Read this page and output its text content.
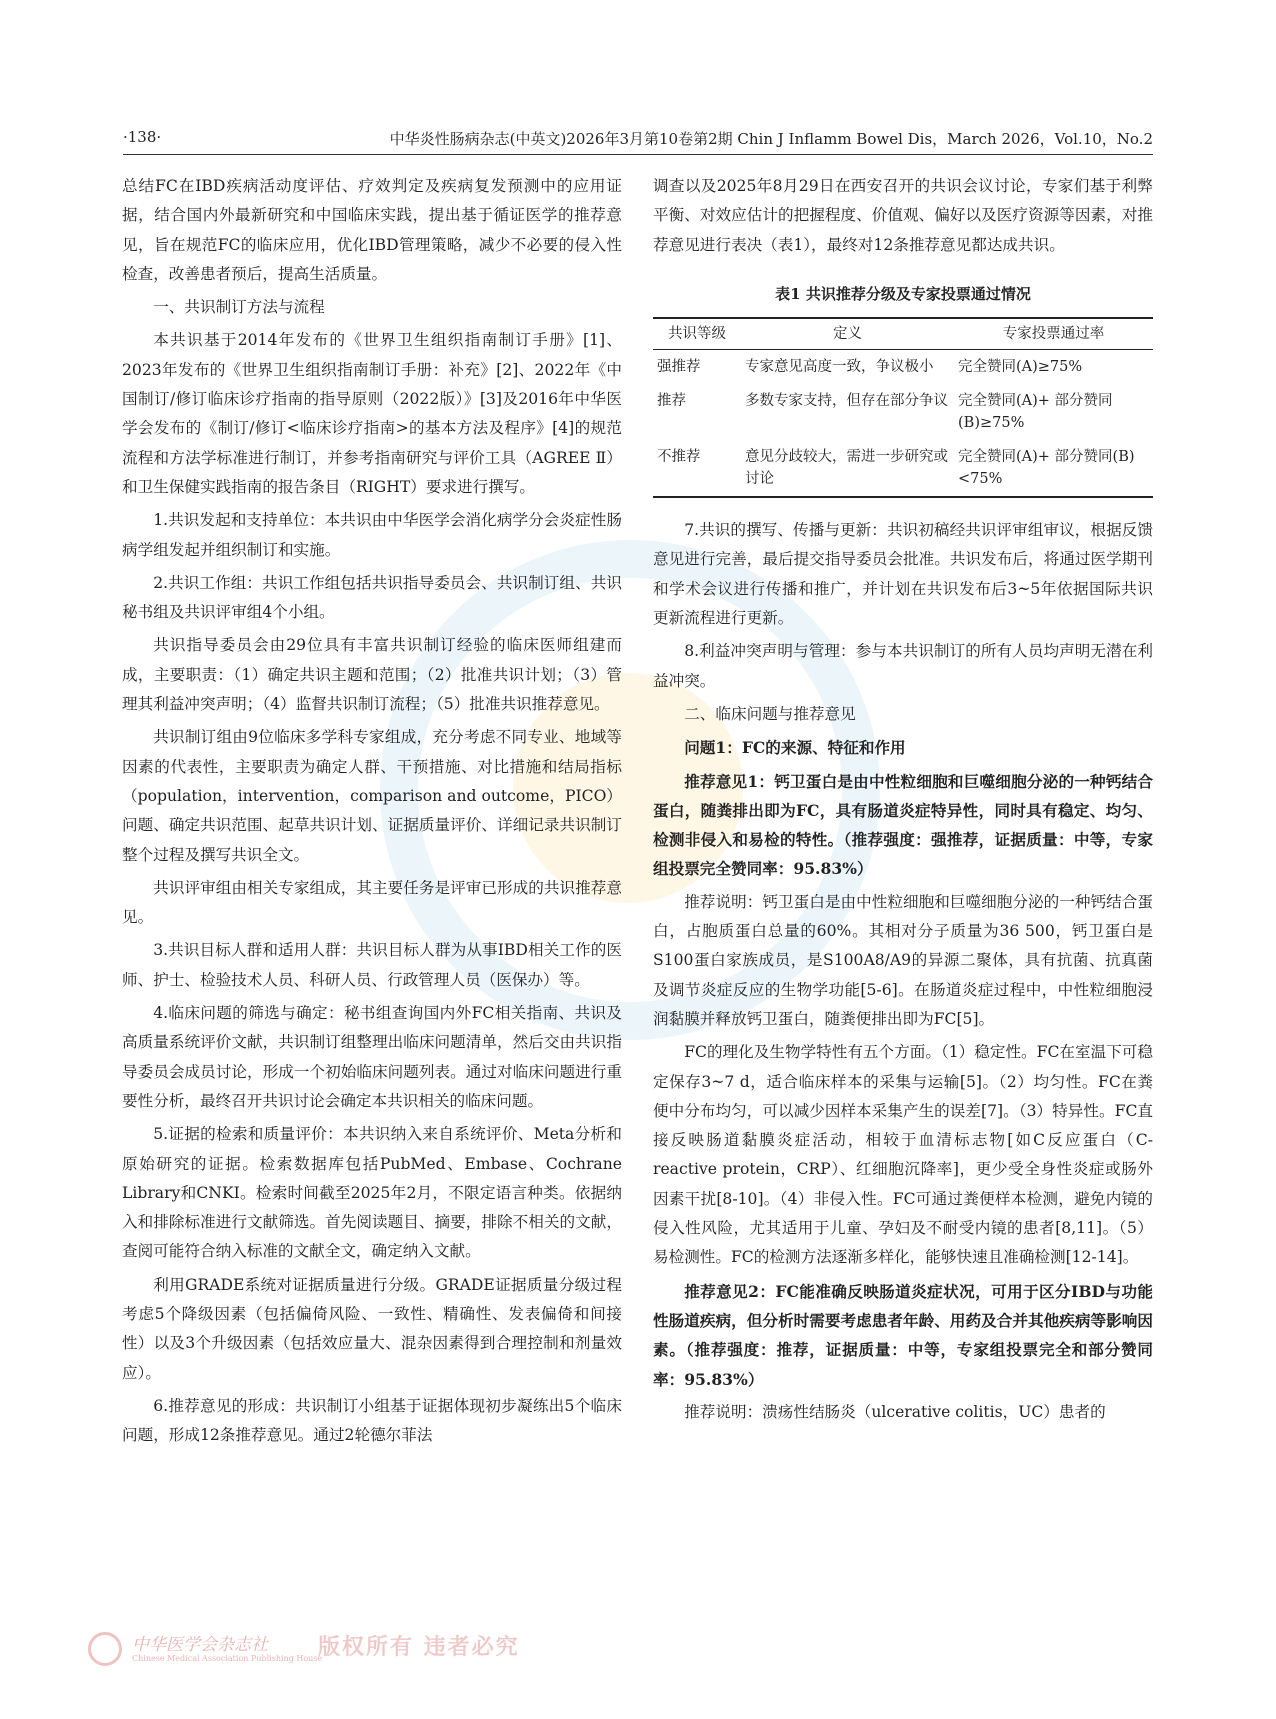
·138·	中华炎性肠病杂志(中英文)2026年3月第10卷第2期 Chin J Inflamm Bowel Dis，March 2026，Vol.10，No.2

总结FC在IBD疾病活动度评估、疗效判定及疾病复发预测中的应用证据，结合国内外最新研究和中国临床实践，提出基于循证医学的推荐意见，旨在规范FC的临床应用，优化IBD管理策略，减少不必要的侵入性检查，改善患者预后，提高生活质量。

一、共识制订方法与流程

本共识基于2014年发布的《世界卫生组织指南制订手册》[1]、2023年发布的《世界卫生组织指南制订手册：补充》[2]、2022年《中国制订/修订临床诊疗指南的指导原则（2022版）》[3]及2016年中华医学会发布的《制订/修订<临床诊疗指南>的基本方法及程序》[4]的规范流程和方法学标准进行制订，并参考指南研究与评价工具（AGREE Ⅱ）和卫生保健实践指南的报告条目（RIGHT）要求进行撰写。

1.共识发起和支持单位：本共识由中华医学会消化病学分会炎症性肠病学组发起并组织制订和实施。

2.共识工作组：共识工作组包括共识指导委员会、共识制订组、共识秘书组及共识评审组4个小组。

共识指导委员会由29位具有丰富共识制订经验的临床医师组建而成，主要职责：（1）确定共识主题和范围；（2）批准共识计划；（3）管理其利益冲突声明；（4）监督共识制订流程；（5）批准共识推荐意见。

共识制订组由9位临床多学科专家组成，充分考虑不同专业、地域等因素的代表性，主要职责为确定人群、干预措施、对比措施和结局指标（population，intervention，comparison and outcome，PICO）问题、确定共识范围、起草共识计划、证据质量评价、详细记录共识制订整个过程及撰写共识全文。

共识评审组由相关专家组成，其主要任务是评审已形成的共识推荐意见。

3.共识目标人群和适用人群：共识目标人群为从事IBD相关工作的医师、护士、检验技术人员、科研人员、行政管理人员（医保办）等。

4.临床问题的筛选与确定：秘书组查询国内外FC相关指南、共识及高质量系统评价文献，共识制订组整理出临床问题清单，然后交由共识指导委员会成员讨论，形成一个初始临床问题列表。通过对临床问题进行重要性分析，最终召开共识讨论会确定本共识相关的临床问题。

5.证据的检索和质量评价：本共识纳入来自系统评价、Meta分析和原始研究的证据。检索数据库包括PubMed、Embase、Cochrane Library和CNKI。检索时间截至2025年2月，不限定语言种类。依据纳入和排除标准进行文献筛选。首先阅读题目、摘要，排除不相关的文献，查阅可能符合纳入标准的文献全文，确定纳入文献。

利用GRADE系统对证据质量进行分级。GRADE证据质量分级过程考虑5个降级因素（包括偏倚风险、一致性、精确性、发表偏倚和间接性）以及3个升级因素（包括效应量大、混杂因素得到合理控制和剂量效应）。

6.推荐意见的形成：共识制订小组基于证据体现初步凝练出5个临床问题，形成12条推荐意见。通过2轮德尔菲法

调查以及2025年8月29日在西安召开的共识会议讨论，专家们基于利弊平衡、对效应估计的把握程度、价值观、偏好以及医疗资源等因素，对推荐意见进行表决（表1），最终对12条推荐意见都达成共识。

表1 共识推荐分级及专家投票通过情况
共识等级	定义	专家投票通过率
强推荐	专家意见高度一致，争议极小	完全赞同(A)≥75%
推荐	多数专家支持，但存在部分争议	完全赞同(A)+ 部分赞同(B)≥75%
不推荐	意见分歧较大，需进一步研究或讨论	完全赞同(A)+ 部分赞同(B)<75%

7.共识的撰写、传播与更新：共识初稿经共识评审组审议，根据反馈意见进行完善，最后提交指导委员会批准。共识发布后，将通过医学期刊和学术会议进行传播和推广，并计划在共识发布后3~5年依据国际共识更新流程进行更新。

8.利益冲突声明与管理：参与本共识制订的所有人员均声明无潜在利益冲突。

二、临床问题与推荐意见

问题1：FC的来源、特征和作用

推荐意见1：钙卫蛋白是由中性粒细胞和巨噬细胞分泌的一种钙结合蛋白，随粪排出即为FC，具有肠道炎症特异性，同时具有稳定、均匀、检测非侵入和易检的特性。（推荐强度：强推荐，证据质量：中等，专家组投票完全赞同率：95.83%）

推荐说明：钙卫蛋白是由中性粒细胞和巨噬细胞分泌的一种钙结合蛋白，占胞质蛋白总量的60%。其相对分子质量为36 500，钙卫蛋白是S100蛋白家族成员，是S100A8/A9的异源二聚体，具有抗菌、抗真菌及调节炎症反应的生物学功能[5-6]。在肠道炎症过程中，中性粒细胞浸润黏膜并释放钙卫蛋白，随粪便排出即为FC[5]。

FC的理化及生物学特性有五个方面。（1）稳定性。FC在室温下可稳定保存3~7 d，适合临床样本的采集与运输[5]。（2）均匀性。FC在粪便中分布均匀，可以减少因样本采集产生的误差[7]。（3）特异性。FC直接反映肠道黏膜炎症活动，相较于血清标志物[如C反应蛋白（C-reactive protein，CRP）、红细胞沉降率]，更少受全身性炎症或肠外因素干扰[8-10]。（4）非侵入性。FC可通过粪便样本检测，避免内镜的侵入性风险，尤其适用于儿童、孕妇及不耐受内镜的患者[8,11]。（5）易检测性。FC的检测方法逐渐多样化，能够快速且准确检测[12-14]。

推荐意见2：FC能准确反映肠道炎症状况，可用于区分IBD与功能性肠道疾病，但分析时需要考虑患者年龄、用药及合并其他疾病等影响因素。（推荐强度：推荐，证据质量：中等，专家组投票完全和部分赞同率：95.83%）

推荐说明：溃疡性结肠炎（ulcerative colitis，UC）患者的

中华医学会杂志社
Chinese Medical Association Publishing House
版权所有 违者必究
